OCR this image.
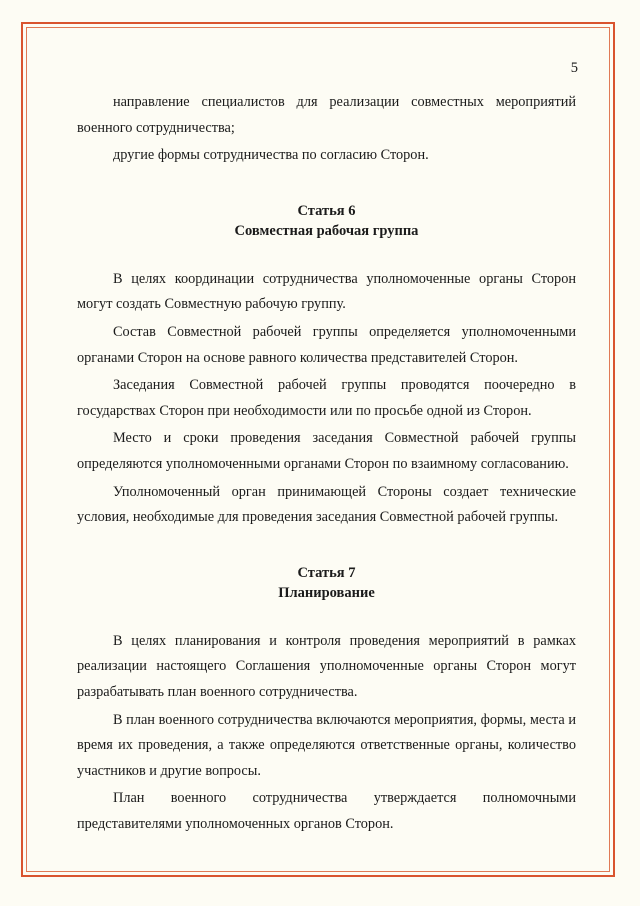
5

направление специалистов для реализации совместных мероприятий военного сотрудничества;

другие формы сотрудничества по согласию Сторон.

Статья 6

Совместная рабочая группа

В целях координации сотрудничества уполномоченные органы Сторон могут создать Совместную рабочую группу.

Состав Совместной рабочей группы определяется уполномоченными органами Сторон на основе равного количества представителей Сторон.

Заседания Совместной рабочей группы проводятся поочередно в государствах Сторон при необходимости или по просьбе одной из Сторон.

Место и сроки проведения заседания Совместной рабочей группы определяются уполномоченными органами Сторон по взаимному согласованию.

Уполномоченный орган принимающей Стороны создает технические условия, необходимые для проведения заседания Совместной рабочей группы.

Статья 7

Планирование

В целях планирования и контроля проведения мероприятий в рамках реализации настоящего Соглашения уполномоченные органы Сторон могут разрабатывать план военного сотрудничества.

В план военного сотрудничества включаются мероприятия, формы, места и время их проведения, а также определяются ответственные органы, количество участников и другие вопросы.

План военного сотрудничества утверждается полномочными представителями уполномоченных органов Сторон.
